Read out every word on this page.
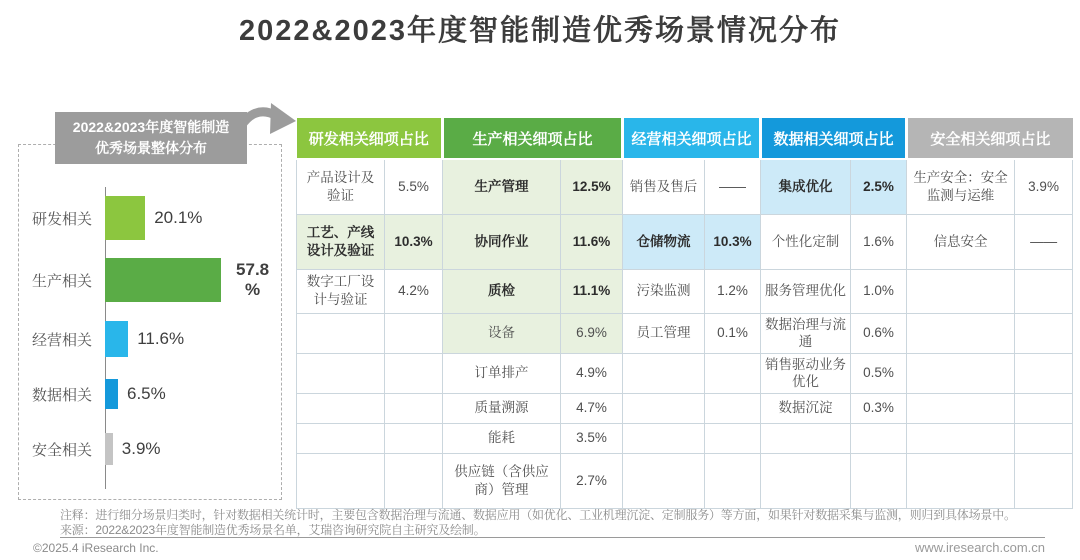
2022&2023年度智能制造优秀场景情况分布
研发相关	20.1%
生产相关
57.8%
经营相关	11.6%
数据相关	6.5%
安全相关	3.9%
2022&2023年度智能制造
优秀场景整体分布
研发相关细项占比		生产相关细项占比		经营相关细项占比		数据相关细项占比		安全相关细项占比	
产品设计及验证	5.5%	生产管理	12.5%	销售及售后	——	集成优化	2.5%	生产安全：安全监测与运维	3.9%
工艺、产线设计及验证	10.3%	协同作业	11.6%	仓储物流	10.3%	个性化定制	1.6%	信息安全	——
数字工厂设计与验证	4.2%	质检	11.1%	污染监测	1.2%	服务管理优化	1.0%		
		设备	6.9%	员工管理	0.1%	数据治理与流通	0.6%		
		订单排产	4.9%			销售驱动业务优化	0.5%		
		质量溯源	4.7%			数据沉淀	0.3%		
		能耗	3.5%						
		供应链（含供应商）管理	2.7%						
注释：进行细分场景归类时，针对数据相关统计时，主要包含数据治理与流通、数据应用（如优化、工业机理沉淀、定制服务）等方面，如果针对数据采集与监测，则归到具体场景中。
来源：2022&2023年度智能制造优秀场景名单，艾瑞咨询研究院自主研究及绘制。
©2025.4 iResearch Inc.	www.iresearch.com.cn
